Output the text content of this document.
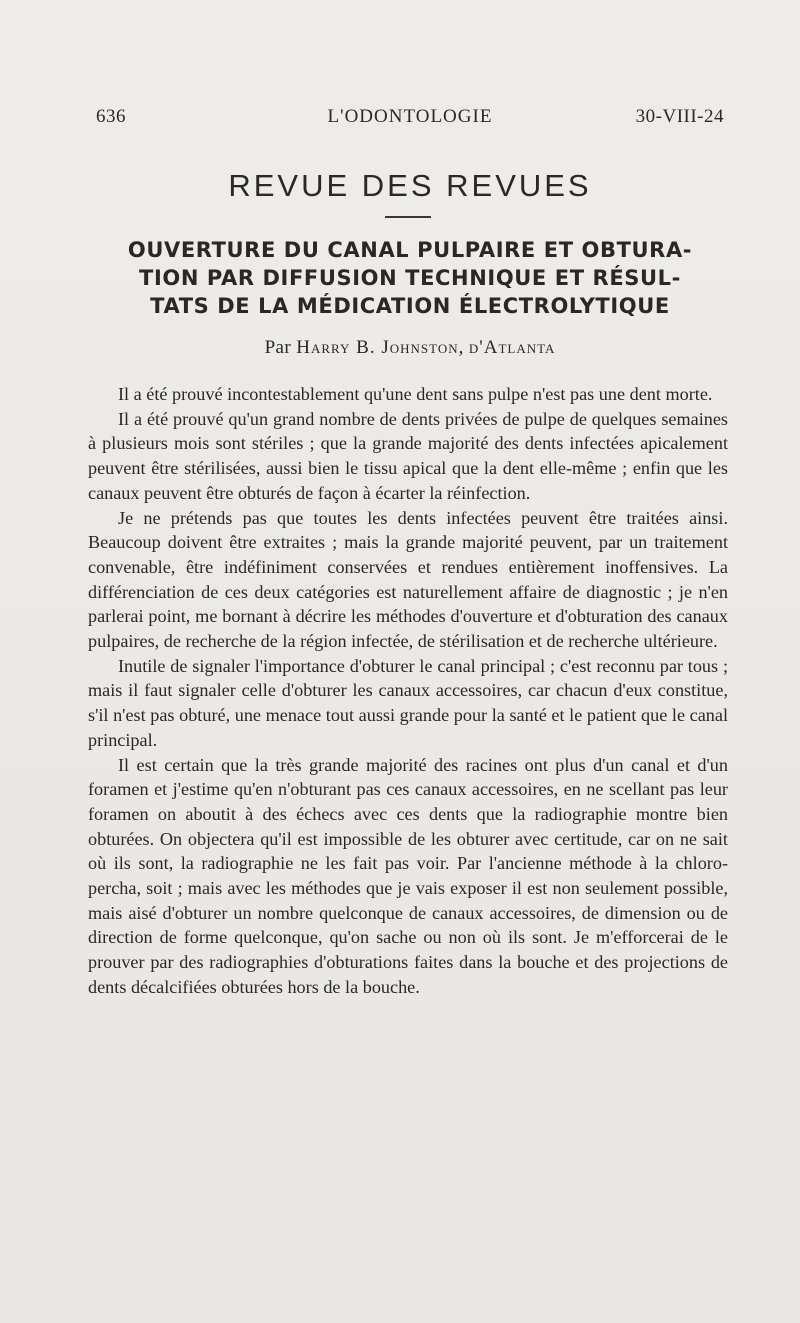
636	L'ODONTOLOGIE	30-VIII-24
REVUE DES REVUES
OUVERTURE DU CANAL PULPAIRE ET OBTURA-
TION PAR DIFFUSION TECHNIQUE ET RÉSUL-
TATS DE LA MÉDICATION ÉLECTROLYTIQUE
Par Harry B. Johnston, d'Atlanta

Il a été prouvé incontestablement qu'une dent sans pulpe n'est pas une dent morte.

Il a été prouvé qu'un grand nombre de dents privées de pulpe de quelques semaines à plusieurs mois sont stériles ; que la grande majorité des dents infectées apicalement peuvent être stérilisées, aussi bien le tissu apical que la dent elle-même ; enfin que les canaux peuvent être obturés de façon à écarter la réinfection.

Je ne prétends pas que toutes les dents infectées peuvent être traitées ainsi. Beaucoup doivent être extraites ; mais la grande majorité peuvent, par un traitement convenable, être indéfiniment conservées et rendues entièrement inoffensives. La différenciation de ces deux catégories est naturellement affaire de diagnostic ; je n'en parlerai point, me bornant à décrire les méthodes d'ouverture et d'obturation des canaux pulpaires, de recherche de la région infectée, de stérilisation et de recherche ultérieure.

Inutile de signaler l'importance d'obturer le canal principal ; c'est reconnu par tous ; mais il faut signaler celle d'obturer les canaux accessoires, car chacun d'eux constitue, s'il n'est pas obturé, une menace tout aussi grande pour la santé et le patient que le canal principal.

Il est certain que la très grande majorité des racines ont plus d'un canal et d'un foramen et j'estime qu'en n'obturant pas ces canaux accessoires, en ne scellant pas leur foramen on aboutit à des échecs avec ces dents que la radiographie montre bien obturées. On objectera qu'il est impossible de les obturer avec certitude, car on ne sait où ils sont, la radiographie ne les fait pas voir. Par l'ancienne méthode à la chloro-percha, soit ; mais avec les méthodes que je vais exposer il est non seulement possible, mais aisé d'obturer un nombre quelconque de canaux accessoires, de dimension ou de direction de forme quelconque, qu'on sache ou non où ils sont. Je m'efforcerai de le prouver par des radiographies d'obturations faites dans la bouche et des projections de dents décalcifiées obturées hors de la bouche.
